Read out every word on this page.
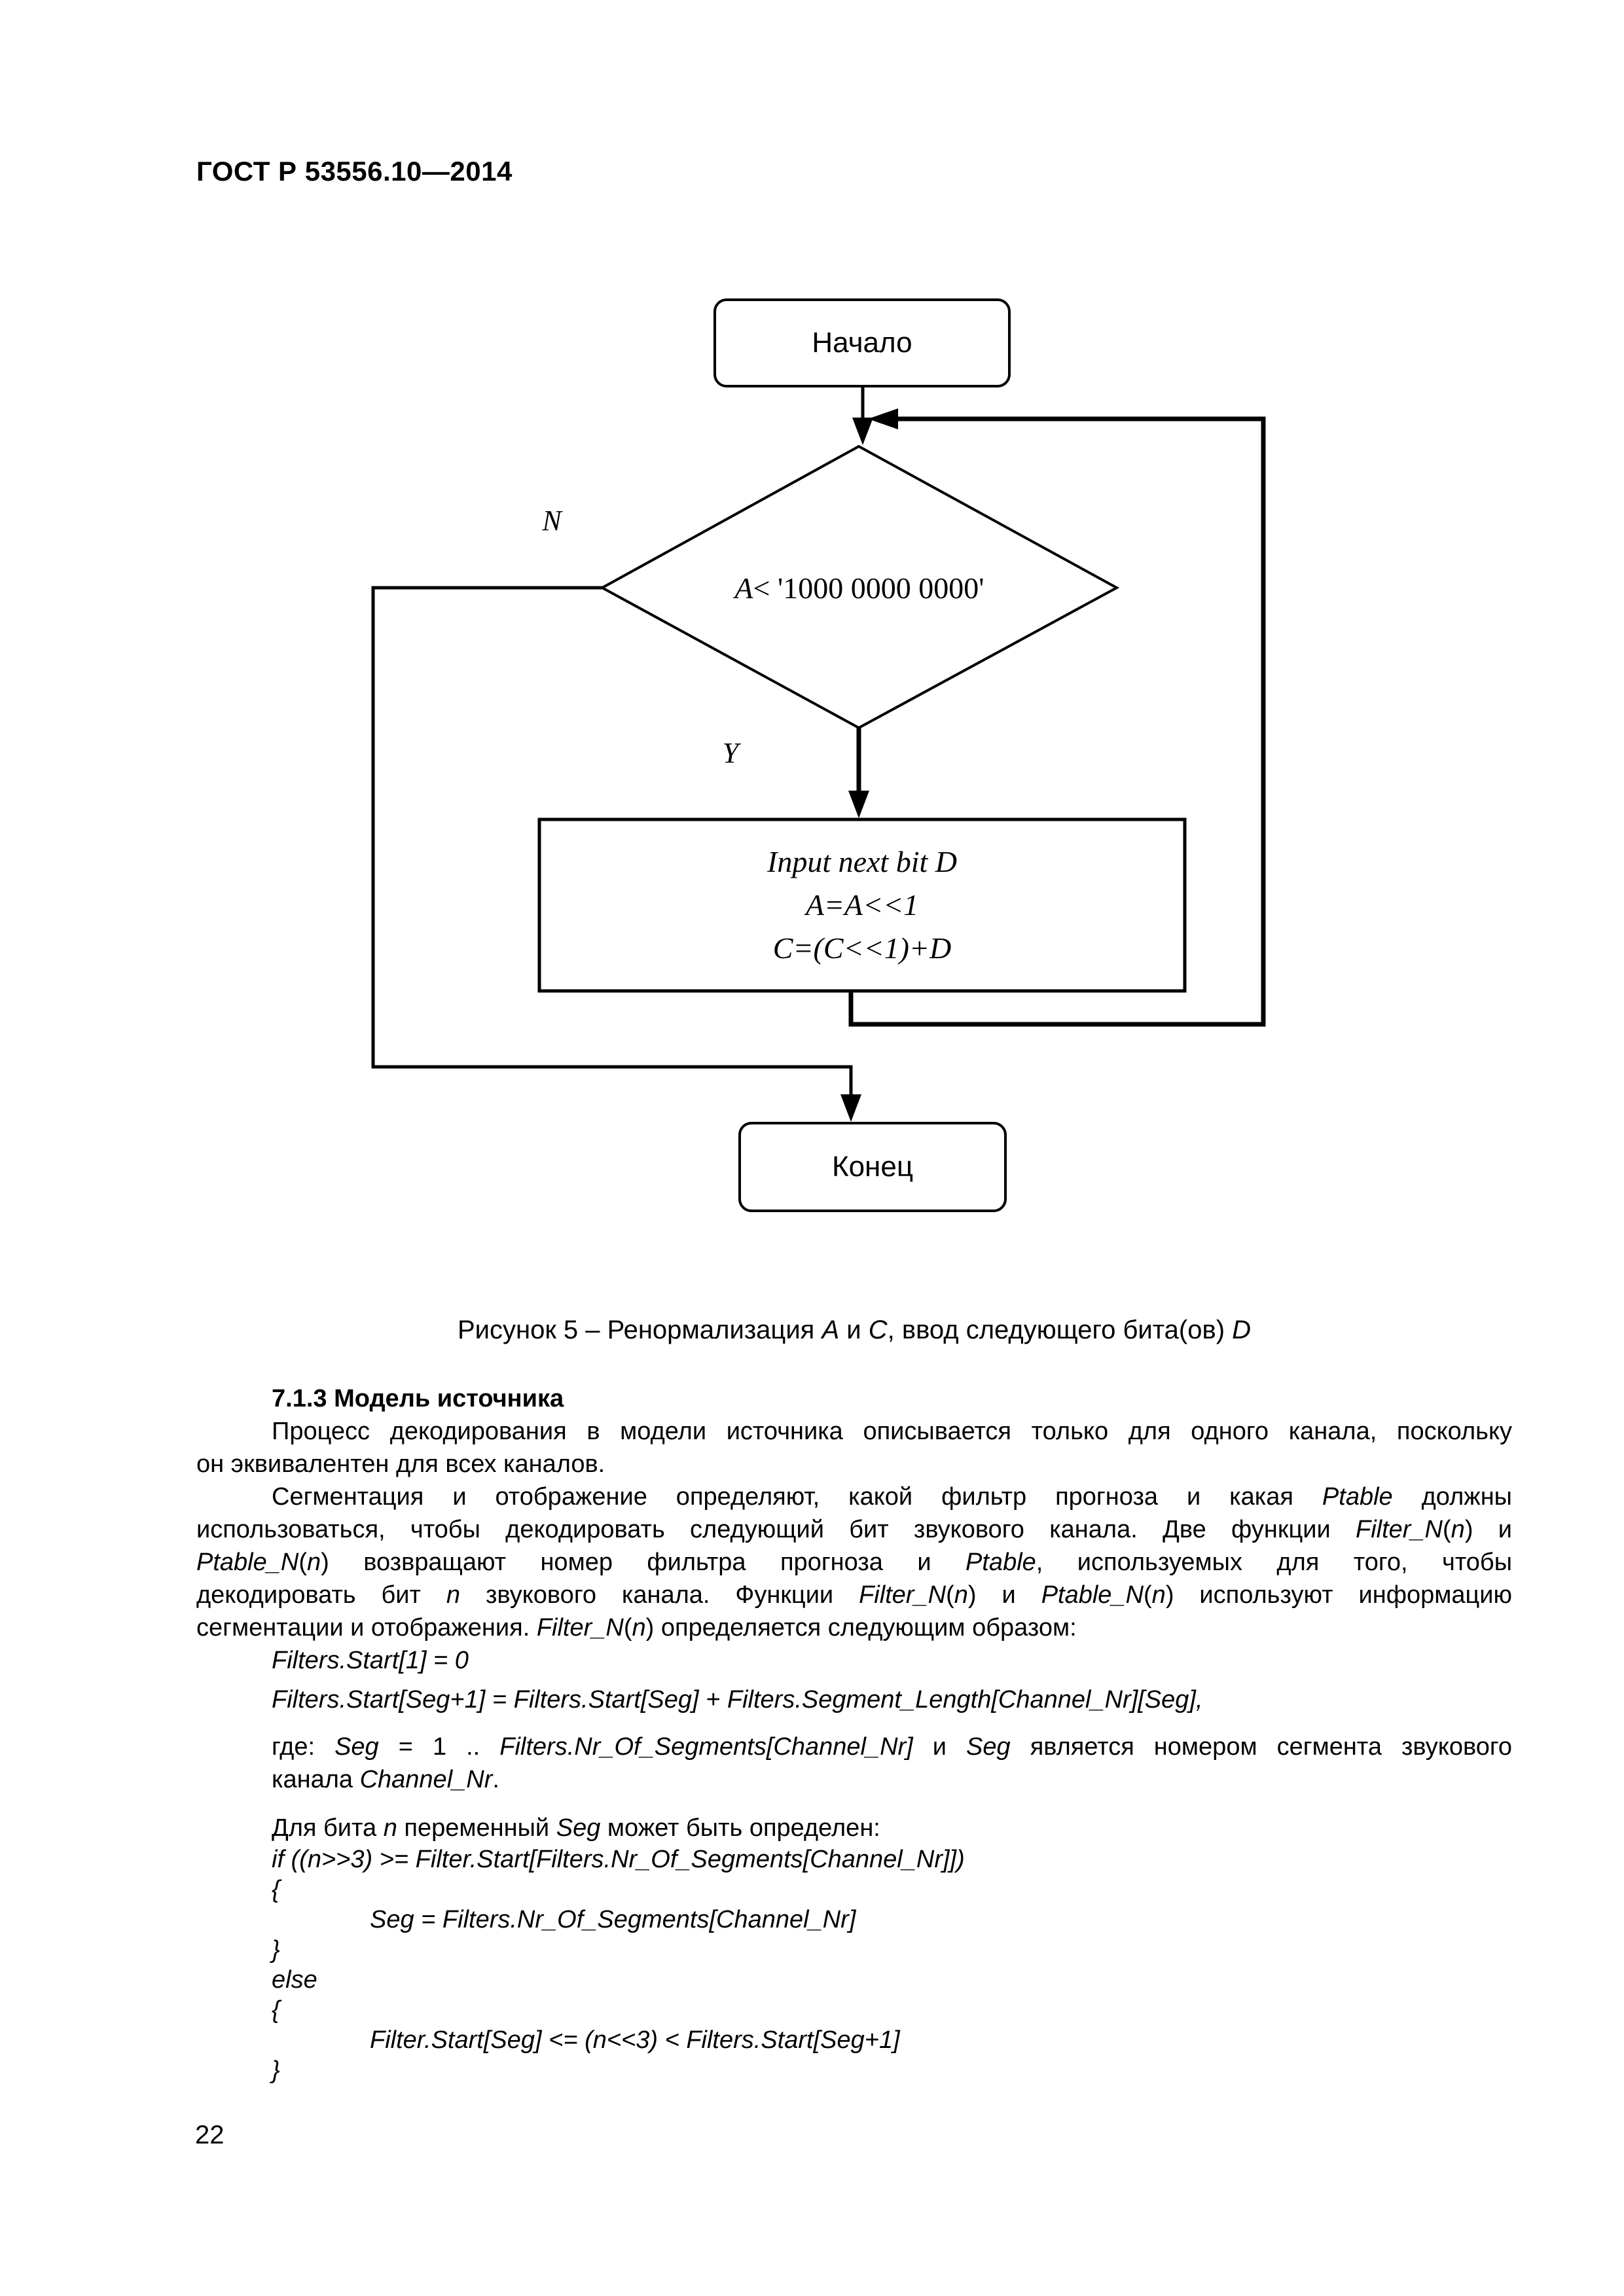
ГОСТ Р 53556.10—2014
Начало
A < '1000 0000 0000'
N
Y
Input next bit D
A=A<<1
C=(C<<1)+D
Конец
Рисунок 5 – Ренормализация A и C, ввод следующего бита(ов) D
7.1.3 Модель источника
Процесс декодирования в модели источника описывается только для одного канала, поскольку
он эквивалентен для всех каналов.
Сегментация и отображение определяют, какой фильтр прогноза и какая Ptable должны
использоваться, чтобы декодировать следующий бит звукового канала. Две функции Filter_N(n) и
Ptable_N(n) возвращают номер фильтра прогноза и Ptable, используемых для того, чтобы
декодировать бит n звукового канала. Функции Filter_N(n) и Ptable_N(n) используют информацию
сегментации и отображения. Filter_N(n) определяется следующим образом:
Filters.Start[1] = 0
Filters.Start[Seg+1] = Filters.Start[Seg] + Filters.Segment_Length[Channel_Nr][Seg],
где: Seg = 1 .. Filters.Nr_Of_Segments[Channel_Nr] и Seg является номером сегмента звукового
канала Channel_Nr.
Для бита n переменный Seg может быть определен:
if ((n>>3) >= Filter.Start[Filters.Nr_Of_Segments[Channel_Nr]])
{
Seg = Filters.Nr_Of_Segments[Channel_Nr]
}
else
{
Filter.Start[Seg] <= (n<<3) < Filters.Start[Seg+1]
}
22
